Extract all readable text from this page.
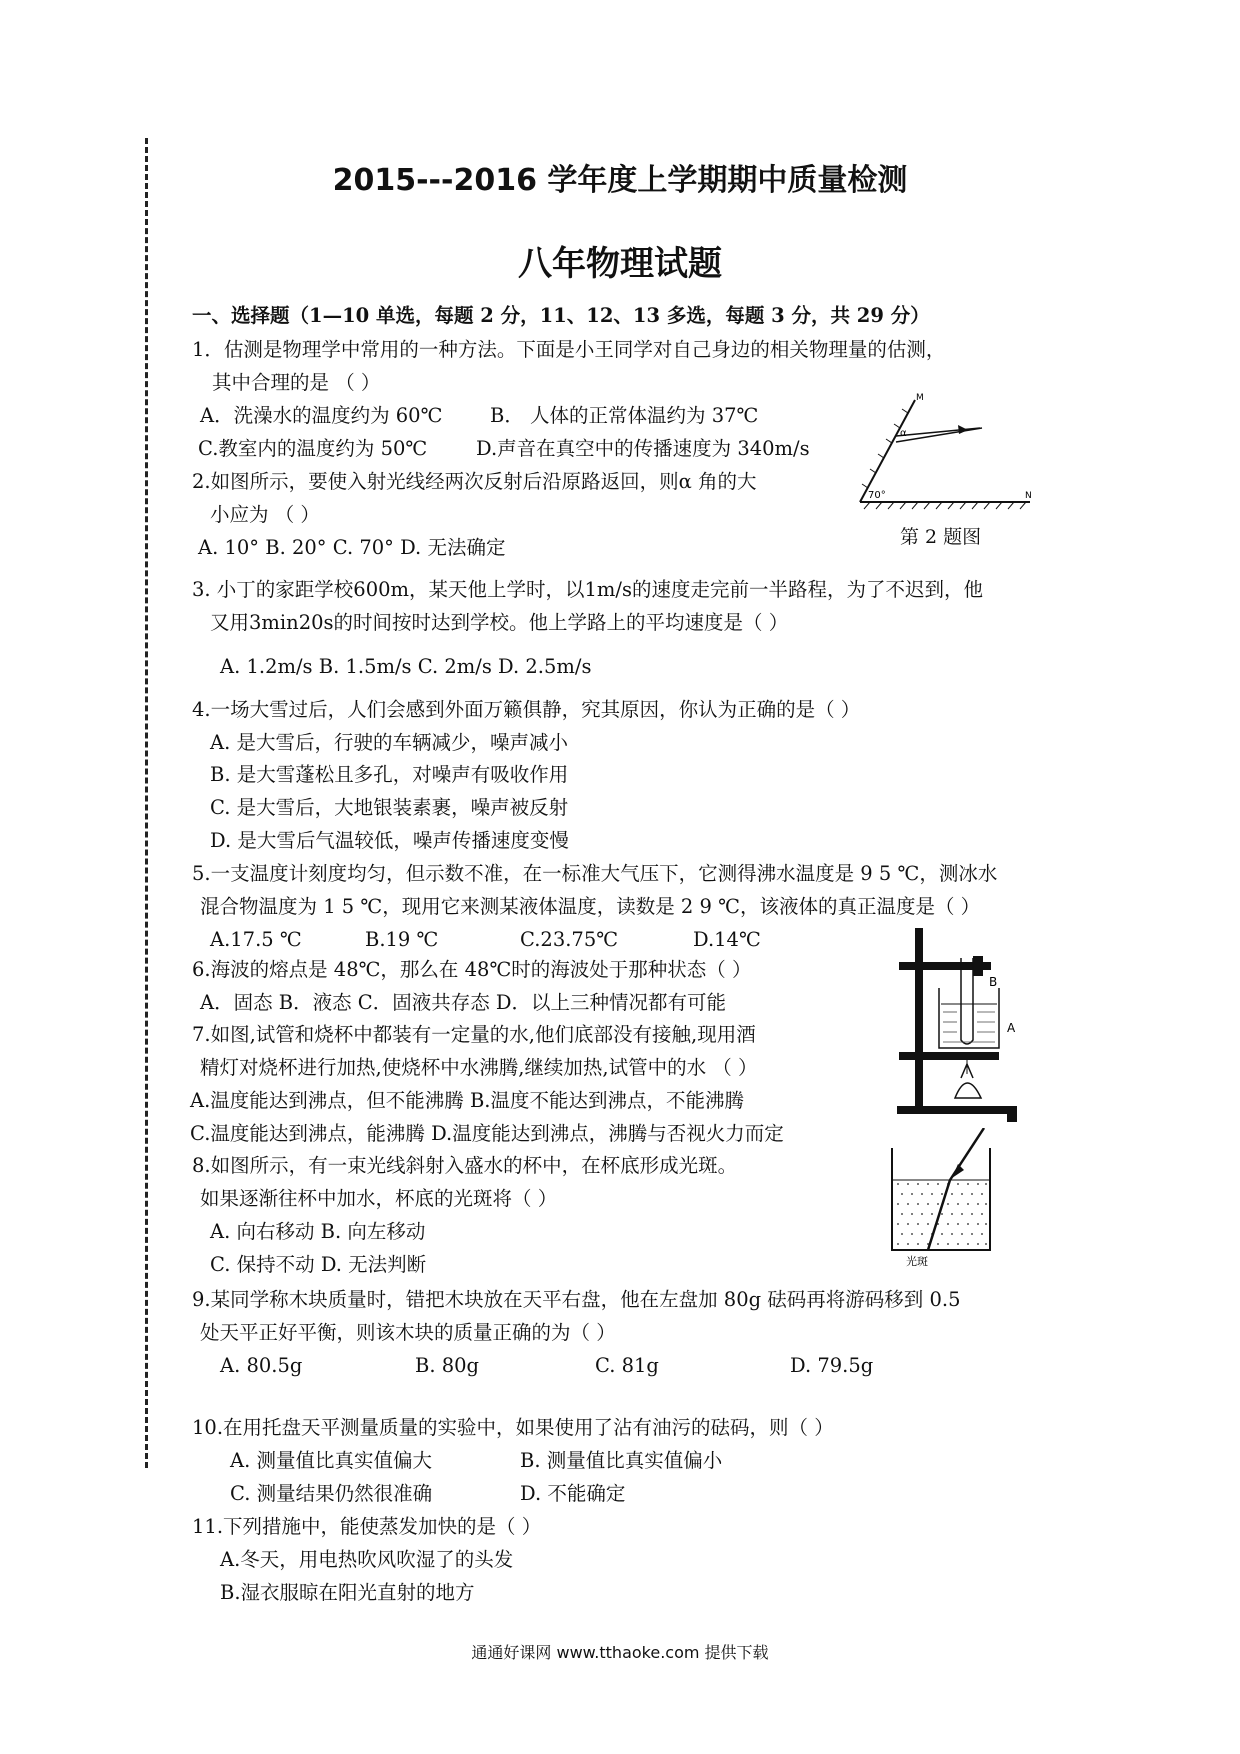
2015---2016 学年度上学期期中质量检测
八年物理试题
一、选择题（1—10 单选，每题 2 分，11、12、13 多选，每题 3 分，共 29 分）
1．估测是物理学中常用的一种方法。下面是小王同学对自己身边的相关物理量的估测，
其中合理的是 （ ）
A．洗澡水的温度约为 60℃ B． 人体的正常体温约为 37℃
C.教室内的温度约为 50℃	D.声音在真空中的传播速度为 340m/s
2.如图所示，要使入射光线经两次反射后沿原路返回，则α 角的大
小应为 （ ）
A. 10° B. 20° C. 70° D. 无法确定
M
N
α
70°
第 2 题图
3. 小丁的家距学校600m，某天他上学时，以1m/s的速度走完前一半路程，为了不迟到，他
又用3min20s的时间按时达到学校。他上学路上的平均速度是（ ）
A. 1.2m/s B. 1.5m/s C. 2m/s D. 2.5m/s
4.一场大雪过后，人们会感到外面万籁俱静，究其原因，你认为正确的是（ ）
A. 是大雪后，行驶的车辆减少，噪声减小
B. 是大雪蓬松且多孔，对噪声有吸收作用
C. 是大雪后，大地银装素裹，噪声被反射
D. 是大雪后气温较低，噪声传播速度变慢
5.一支温度计刻度均匀，但示数不准，在一标准大气压下，它测得沸水温度是 9 5 ℃，测冰水
混合物温度为 1 5 ℃，现用它来测某液体温度，读数是 2 9 ℃，该液体的真正温度是（ ）
A.17.5 ℃	B.19 ℃	C.23.75℃	D.14℃
6.海波的熔点是 48℃，那么在 48℃时的海波处于那种状态（ ）
A．固态 B．液态 C．固液共存态 D．以上三种情况都有可能
7.如图,试管和烧杯中都装有一定量的水,他们底部没有接触,现用酒
精灯对烧杯进行加热,使烧杯中水沸腾,继续加热,试管中的水 （ ）
A.温度能达到沸点，但不能沸腾 B.温度不能达到沸点，不能沸腾
C.温度能达到沸点，能沸腾 D.温度能达到沸点，沸腾与否视火力而定
B
A
8.如图所示，有一束光线斜射入盛水的杯中，在杯底形成光斑。
如果逐渐往杯中加水，杯底的光斑将（ ）
A. 向右移动 B. 向左移动
C. 保持不动 D. 无法判断	光斑
9.某同学称木块质量时，错把木块放在天平右盘，他在左盘加 80g 砝码再将游码移到 0.5
处天平正好平衡，则该木块的质量正确的为（ ）
A. 80.5g	B. 80g	C. 81g	D. 79.5g
10.在用托盘天平测量质量的实验中，如果使用了沾有油污的砝码，则（ ）
A. 测量值比真实值偏大	B. 测量值比真实值偏小
C. 测量结果仍然很准确	D. 不能确定
11.下列措施中，能使蒸发加快的是（ ）
A.冬天，用电热吹风吹湿了的头发
B.湿衣服晾在阳光直射的地方
通通好课网 www.tthaoke.com 提供下载
